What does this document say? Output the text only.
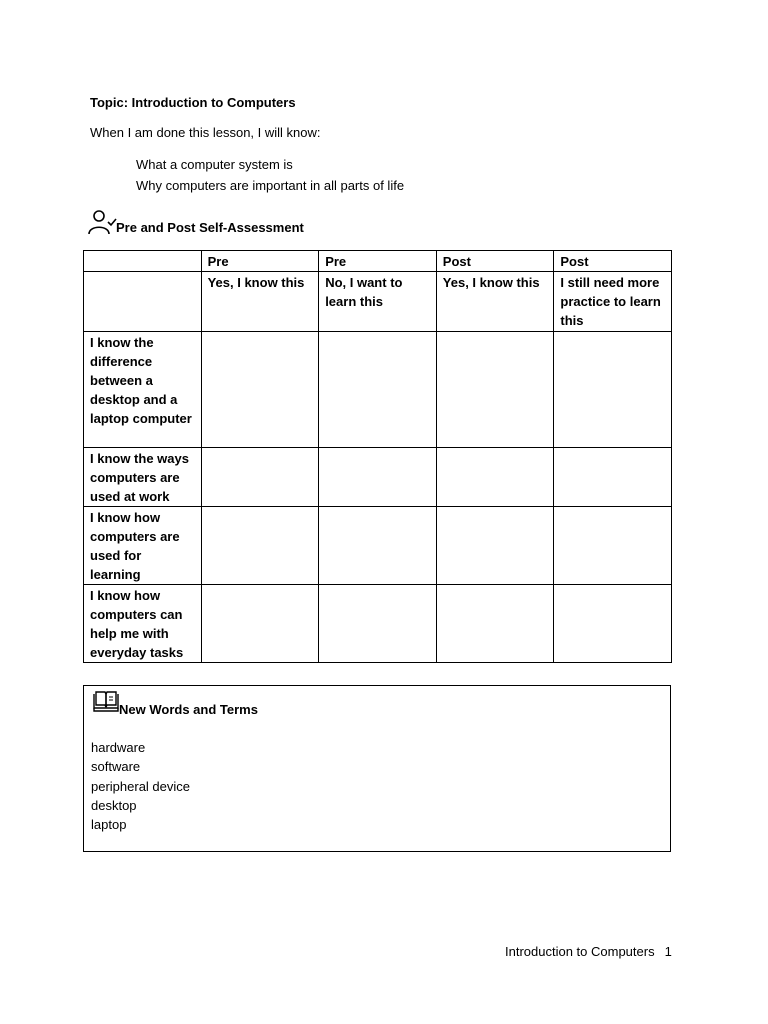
Topic: Introduction to Computers
When I am done this lesson, I will know:
What a computer system is
Why computers are important in all parts of life
Pre and Post Self-Assessment
	Pre	Pre	Post	Post
	Yes, I know this	No, I want to learn this	Yes, I know this	I still need more practice to learn this
I know the difference between a desktop and a laptop computer				
I know the ways computers are used at work				
I know how computers are used for learning				
I know how computers can help me with everyday tasks				
New Words and Terms
hardware
software
peripheral device
desktop
laptop
Introduction to Computers 1
